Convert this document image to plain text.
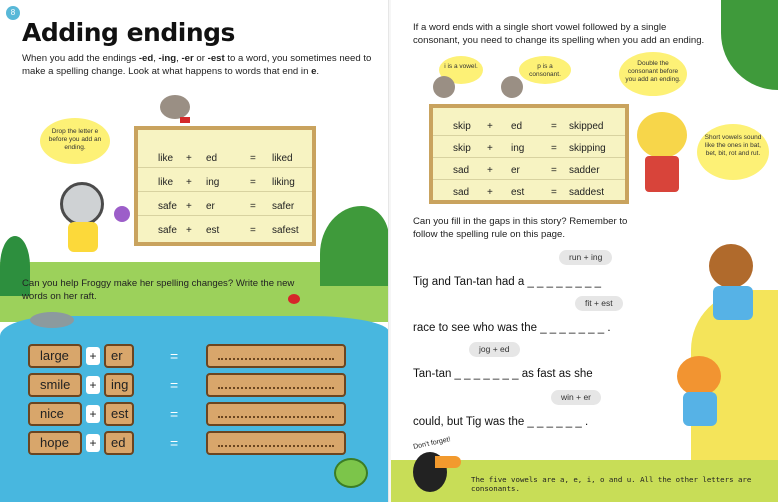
8
Adding endings
When you add the endings -ed, -ing, -er or -est to a word, you sometimes need to make a spelling change. Look at what happens to words that end in e.
Drop the letter e before you add an ending.
like + ed	= liked
like + ing	= liking
safe + er	= safer
safe + est	= safest
Can you help Froggy make her spelling changes? Write the new words on her raft.
large + er	=
smile + ing	=
nice + est	=
hope + ed	=
If a word ends with a single short vowel followed by a single consonant, you need to change its spelling when you add an ending.
i is a vowel.	p is a consonant.
Double the consonant before you add an ending.
Short vowels sound like the ones in bat, bet, bit, rot and rut.
skip + ed	= skipped
skip + ing	= skipping
sad + er	= sadder
sad + est	= saddest
Can you fill in the gaps in this story? Remember to follow the spelling rule on this page.
run + ing
Tig and Tan-tan had a _ _ _ _ _ _ _ _
fit + est
race to see who was the _ _ _ _ _ _ _ .
jog + ed
Tan-tan _ _ _ _ _ _ _ as fast as she
win + er
could, but Tig was the _ _ _ _ _ _ .
Don't forget!
The five vowels are a, e, i, o and u. All the other letters are consonants.
